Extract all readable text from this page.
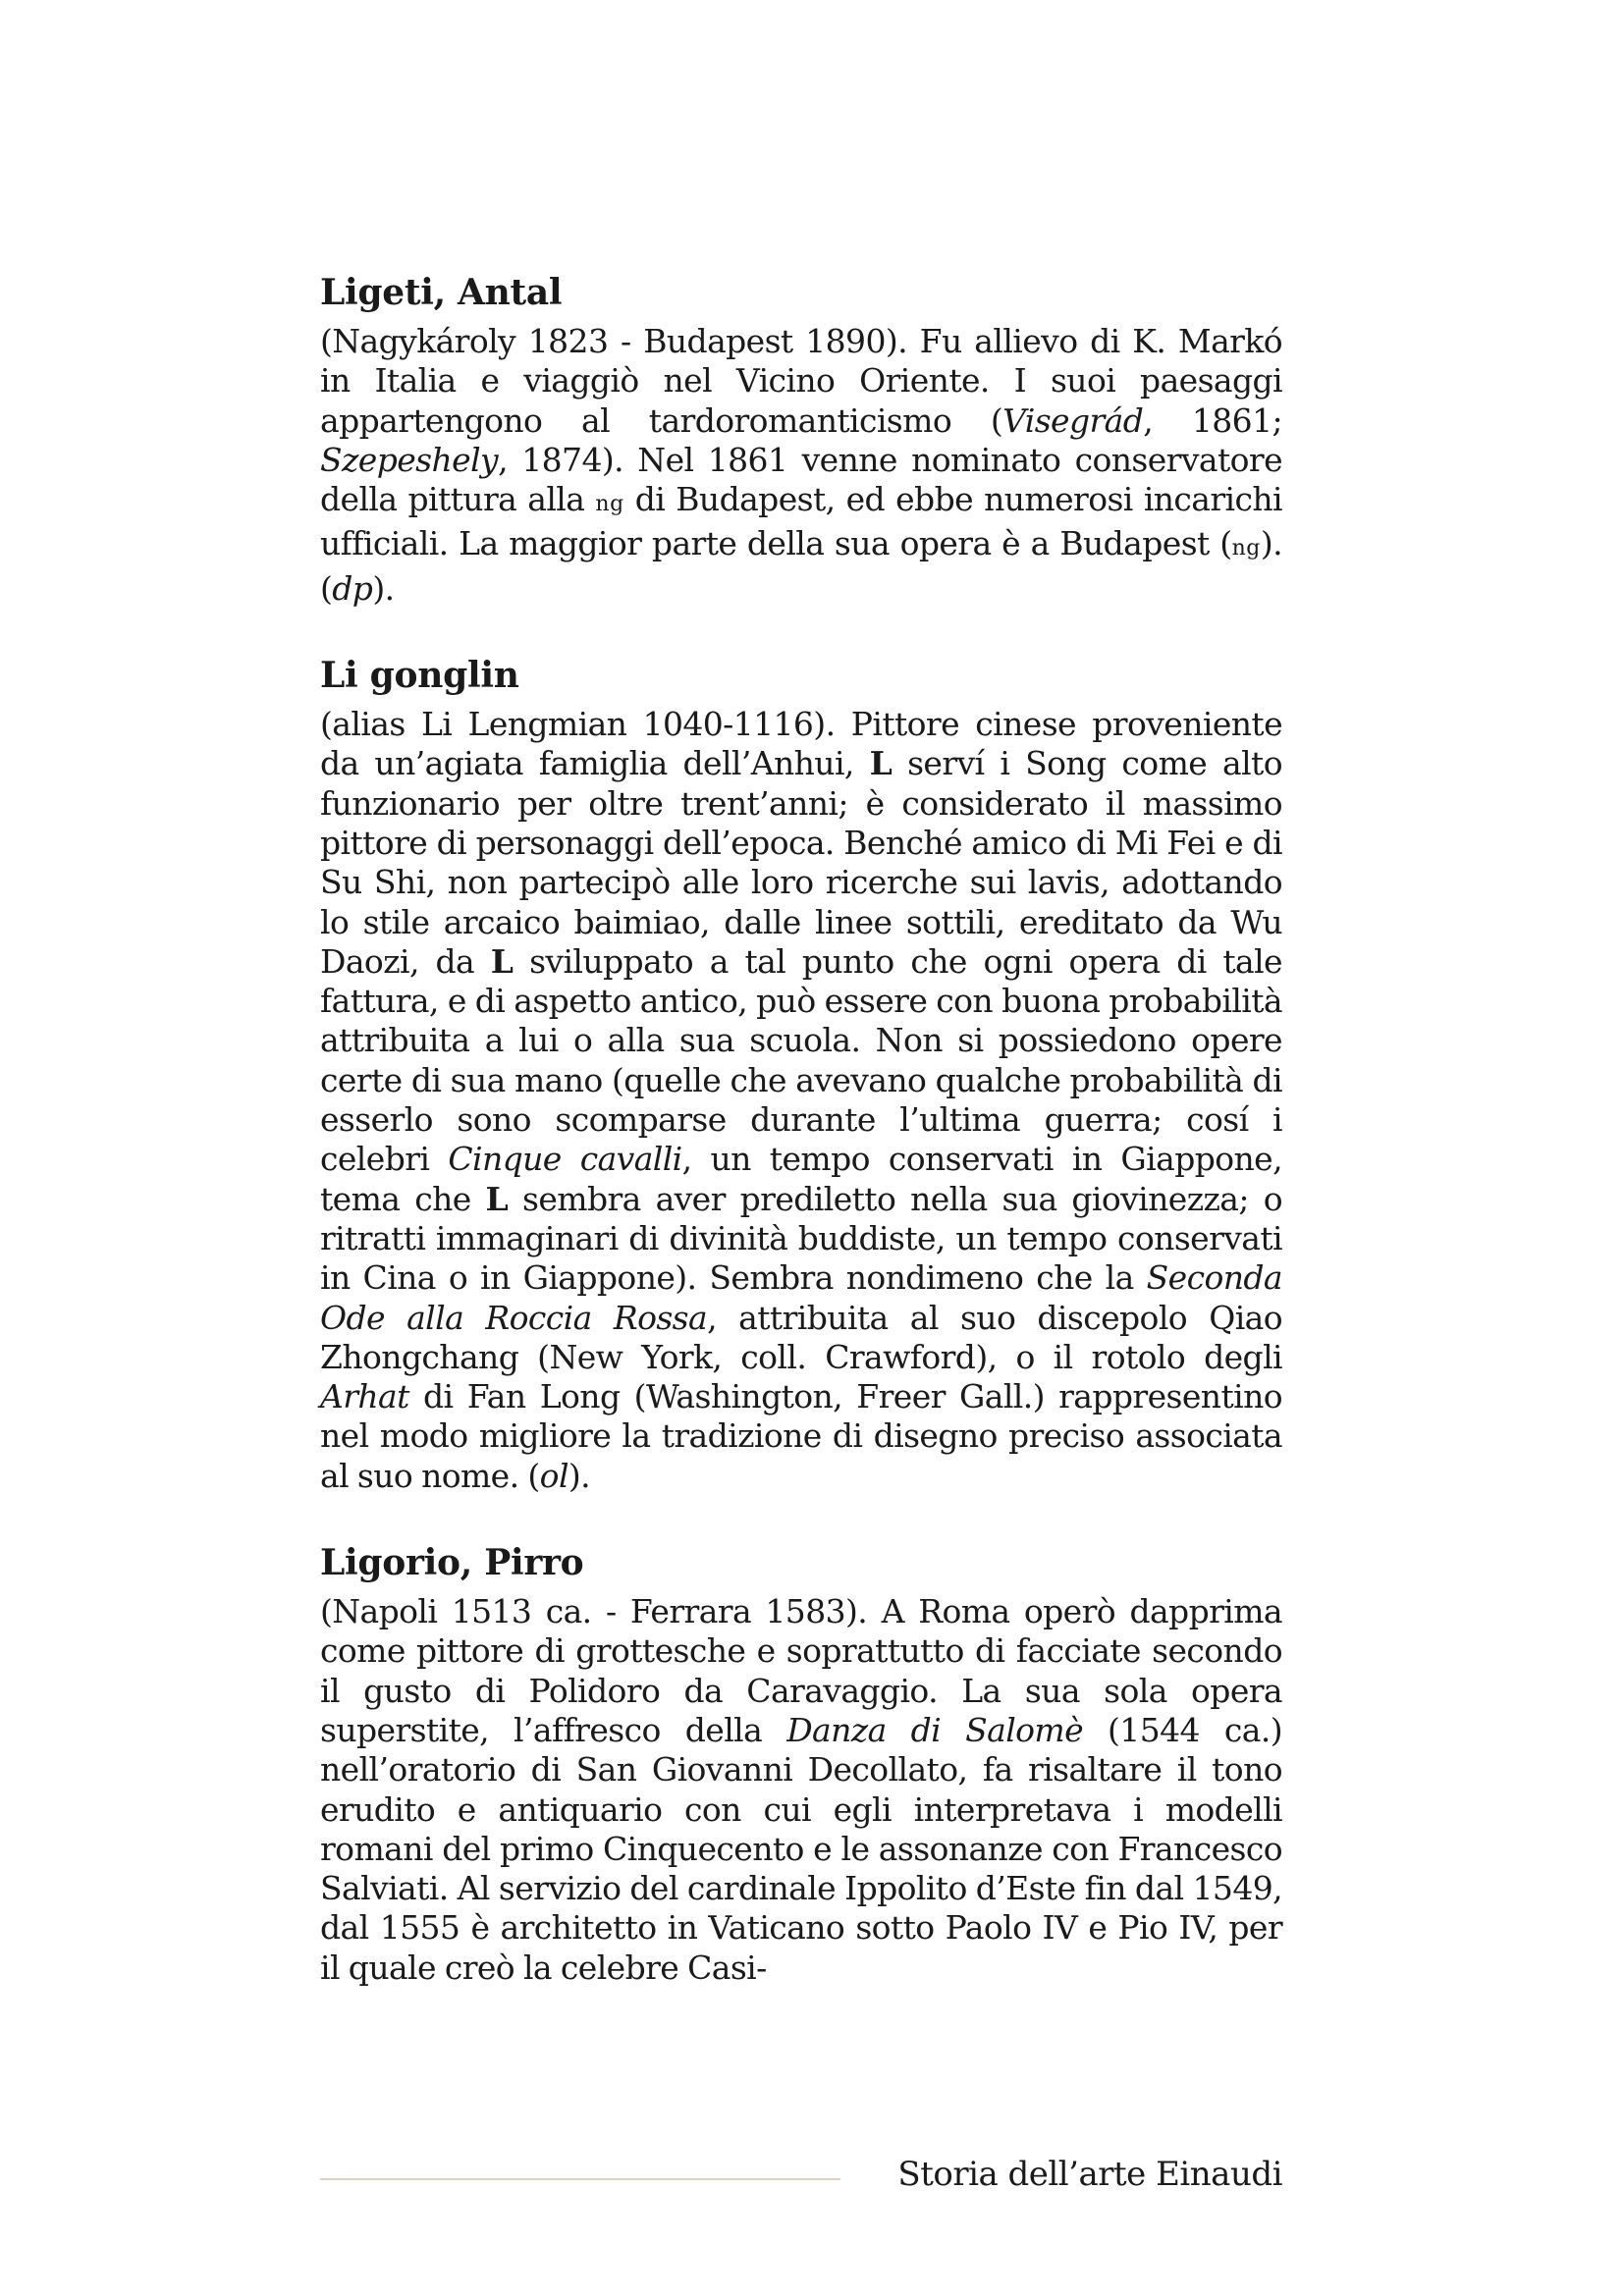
Ligeti, Antal

(Nagykároly 1823 - Budapest 1890). Fu allievo di K. Markó in Italia e viaggiò nel Vicino Oriente. I suoi paesaggi appartengono al tardoromanticismo (Visegrád, 1861; Szepeshely, 1874). Nel 1861 venne nominato conservatore della pittura alla ng di Budapest, ed ebbe numerosi incarichi ufficiali. La maggior parte della sua opera è a Budapest (ng). (dp).

Li gonglin

(alias Li Lengmian 1040-1116). Pittore cinese proveniente da un’agiata famiglia dell’Anhui, L serví i Song come alto funzionario per oltre trent’anni; è considerato il massimo pittore di personaggi dell’epoca. Benché amico di Mi Fei e di Su Shi, non partecipò alle loro ricerche sui lavis, adottando lo stile arcaico baimiao, dalle linee sottili, ereditato da Wu Daozi, da L sviluppato a tal punto che ogni opera di tale fattura, e di aspetto antico, può essere con buona probabilità attribuita a lui o alla sua scuola. Non si possiedono opere certe di sua mano (quelle che avevano qualche probabilità di esserlo sono scomparse durante l’ultima guerra; cosí i celebri Cinque cavalli, un tempo conservati in Giappone, tema che L sembra aver prediletto nella sua giovinezza; o ritratti immaginari di divinità buddiste, un tempo conservati in Cina o in Giappone). Sembra nondimeno che la Seconda Ode alla Roccia Rossa, attribuita al suo discepolo Qiao Zhongchang (New York, coll. Crawford), o il rotolo degli Arhat di Fan Long (Washington, Freer Gall.) rappresentino nel modo migliore la tradizione di disegno preciso associata al suo nome. (ol).

Ligorio, Pirro

(Napoli 1513 ca. - Ferrara 1583). A Roma operò dapprima come pittore di grottesche e soprattutto di facciate secondo il gusto di Polidoro da Caravaggio. La sua sola opera superstite, l’affresco della Danza di Salomè (1544 ca.) nell’oratorio di San Giovanni Decollato, fa risaltare il tono erudito e antiquario con cui egli interpretava i modelli romani del primo Cinquecento e le assonanze con Francesco Salviati. Al servizio del cardinale Ippolito d’Este fin dal 1549, dal 1555 è architetto in Vaticano sotto Paolo IV e Pio IV, per il quale creò la celebre Casi-

Storia dell’arte Einaudi
